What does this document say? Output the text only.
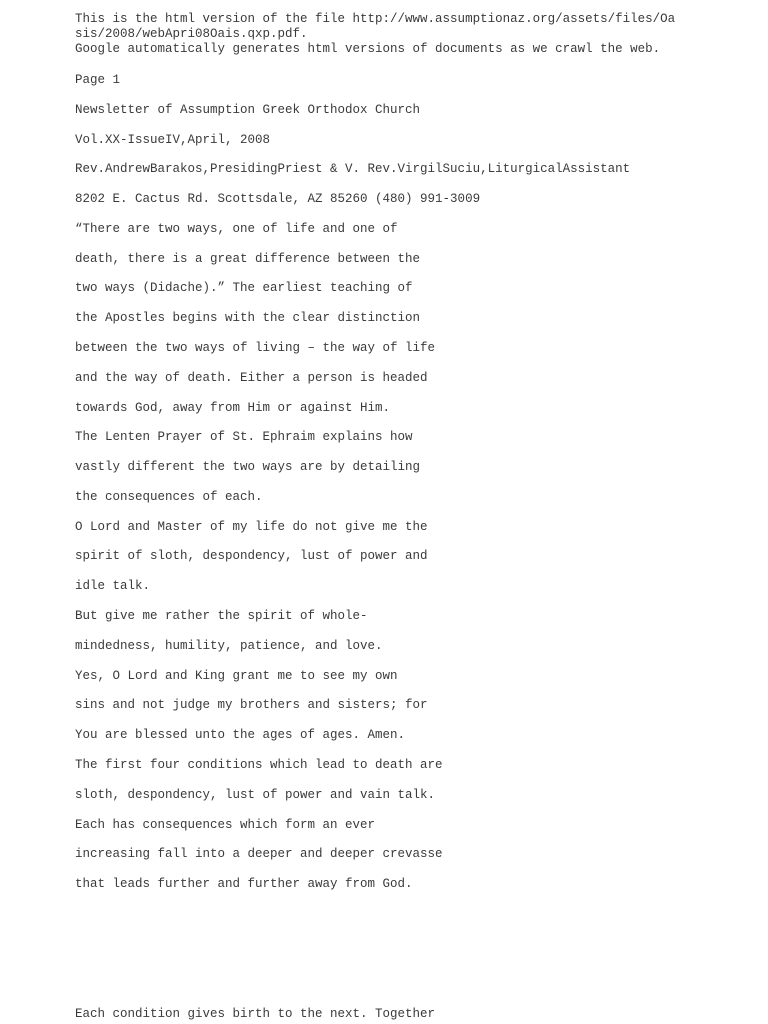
This is the html version of the file http://www.assumptionaz.org/assets/files/Oa
sis/2008/webApri08Oais.qxp.pdf.
Google automatically generates html versions of documents as we crawl the web.
Page 1
Newsletter of Assumption Greek Orthodox Church
Vol.XX-IssueIV,April, 2008
Rev.AndrewBarakos,PresidingPriest & V. Rev.VirgilSuciu,LiturgicalAssistant
8202 E. Cactus Rd. Scottsdale, AZ 85260 (480) 991-3009
“There are two ways, one of life and one of
death, there is a great difference between the
two ways (Didache).” The earliest teaching of
the Apostles begins with the clear distinction
between the two ways of living – the way of life
and the way of death. Either a person is headed
towards God, away from Him or against Him.
The Lenten Prayer of St. Ephraim explains how
vastly different the two ways are by detailing
the consequences of each.
O Lord and Master of my life do not give me the
spirit of sloth, despondency, lust of power and
idle talk.
But give me rather the spirit of whole-
mindedness, humility, patience, and love.
Yes, O Lord and King grant me to see my own
sins and not judge my brothers and sisters; for
You are blessed unto the ages of ages. Amen.
The first four conditions which lead to death are
sloth, despondency, lust of power and vain talk.
Each has consequences which form an ever
increasing fall into a deeper and deeper crevasse
that leads further and further away from God.
Each condition gives birth to the next. Together
